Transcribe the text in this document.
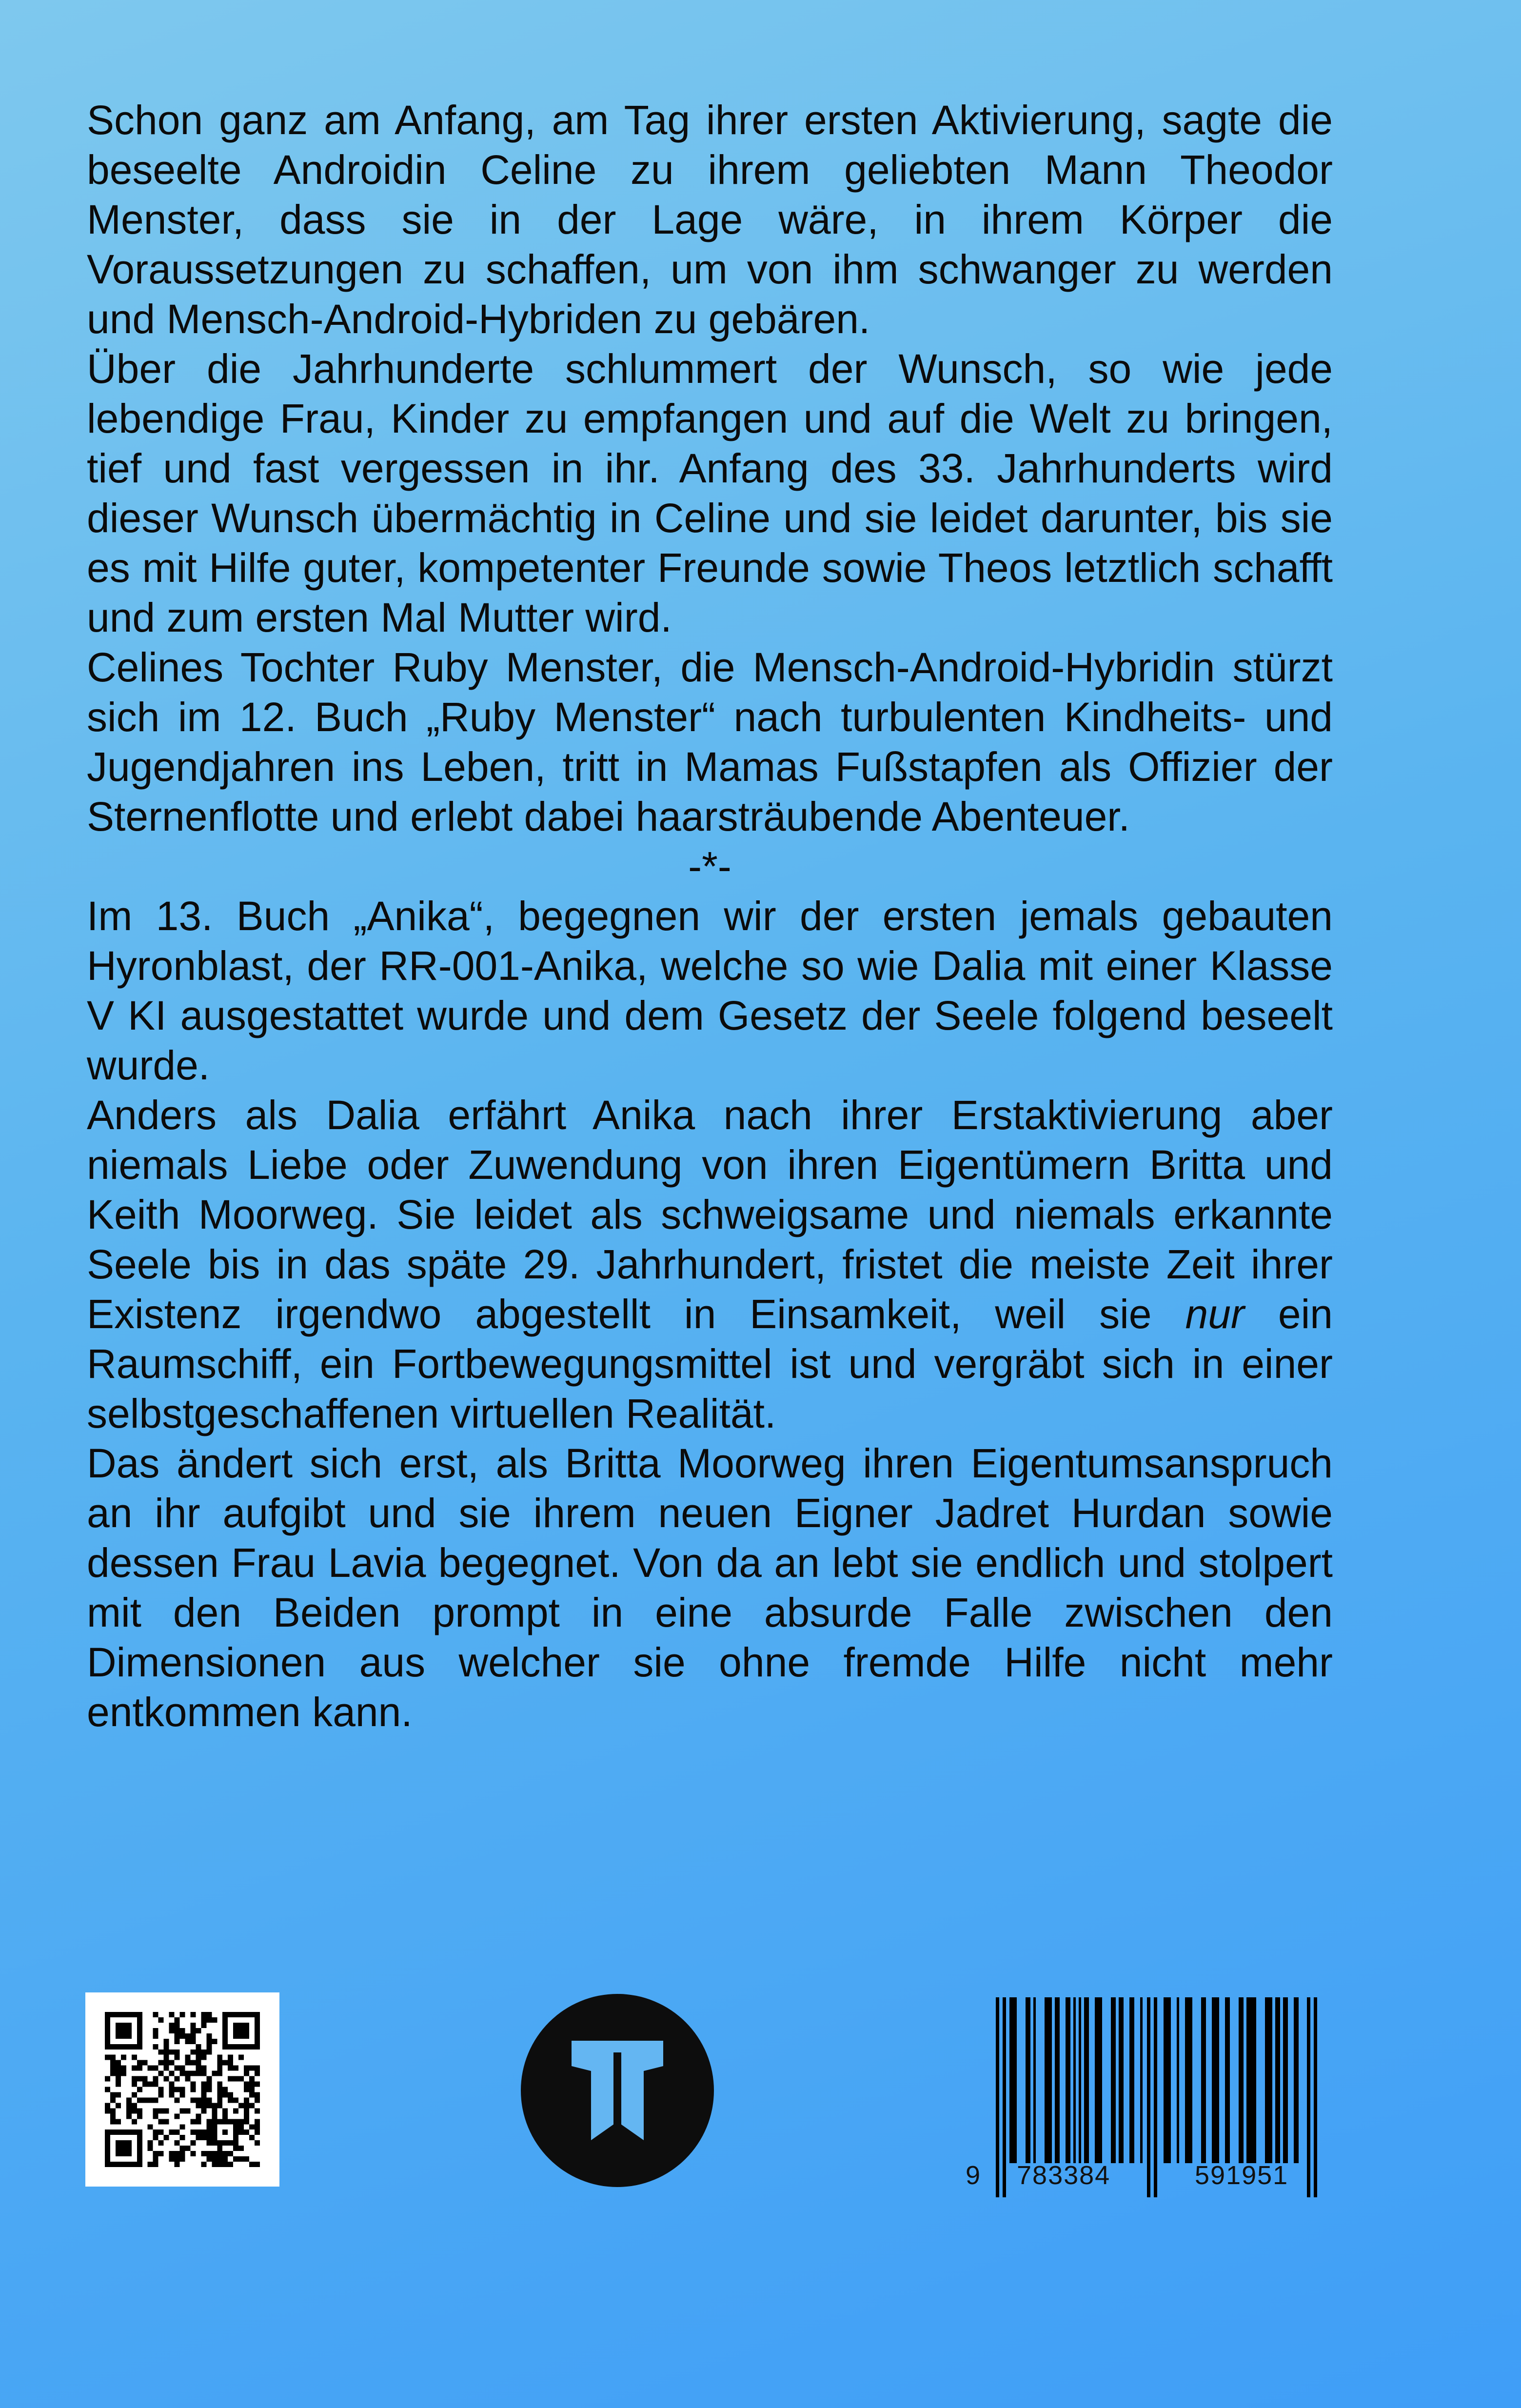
Schon ganz am Anfang, am Tag ihrer ersten Aktivierung, sagte die beseelte Androidin Celine zu ihrem geliebten Mann Theodor Menster, dass sie in der Lage wäre, in ihrem Körper die Voraussetzungen zu schaffen, um von ihm schwanger zu werden und Mensch-Android-Hybriden zu gebären.

Über die Jahrhunderte schlummert der Wunsch, so wie jede lebendige Frau, Kinder zu empfangen und auf die Welt zu bringen, tief und fast vergessen in ihr. Anfang des 33. Jahrhunderts wird dieser Wunsch übermächtig in Celine und sie leidet darunter, bis sie es mit Hilfe guter, kompetenter Freunde sowie Theos letztlich schafft und zum ersten Mal Mutter wird.

Celines Tochter Ruby Menster, die Mensch-Android-Hybridin stürzt sich im 12. Buch „Ruby Menster“ nach turbulenten Kindheits- und Jugendjahren ins Leben, tritt in Mamas Fußstapfen als Offizier der Sternenflotte und erlebt dabei haarsträubende Abenteuer.

-*-

Im 13. Buch „Anika“, begegnen wir der ersten jemals gebauten Hyronblast, der RR-001-Anika, welche so wie Dalia mit einer Klasse V KI ausgestattet wurde und dem Gesetz der Seele folgend beseelt wurde.

Anders als Dalia erfährt Anika nach ihrer Erstaktivierung aber niemals Liebe oder Zuwendung von ihren Eigentümern Britta und Keith Moorweg. Sie leidet als schweigsame und niemals erkannte Seele bis in das späte 29. Jahrhundert, fristet die meiste Zeit ihrer Existenz irgendwo abgestellt in Einsamkeit, weil sie nur ein Raumschiff, ein Fortbewegungsmittel ist und vergräbt sich in einer selbstgeschaffenen virtuellen Realität.

Das ändert sich erst, als Britta Moorweg ihren Eigentumsanspruch an ihr aufgibt und sie ihrem neuen Eigner Jadret Hurdan sowie dessen Frau Lavia begegnet. Von da an lebt sie endlich und stolpert mit den Beiden prompt in eine absurde Falle zwischen den Dimensionen aus welcher sie ohne fremde Hilfe nicht mehr entkommen kann.

9 783384	591951
